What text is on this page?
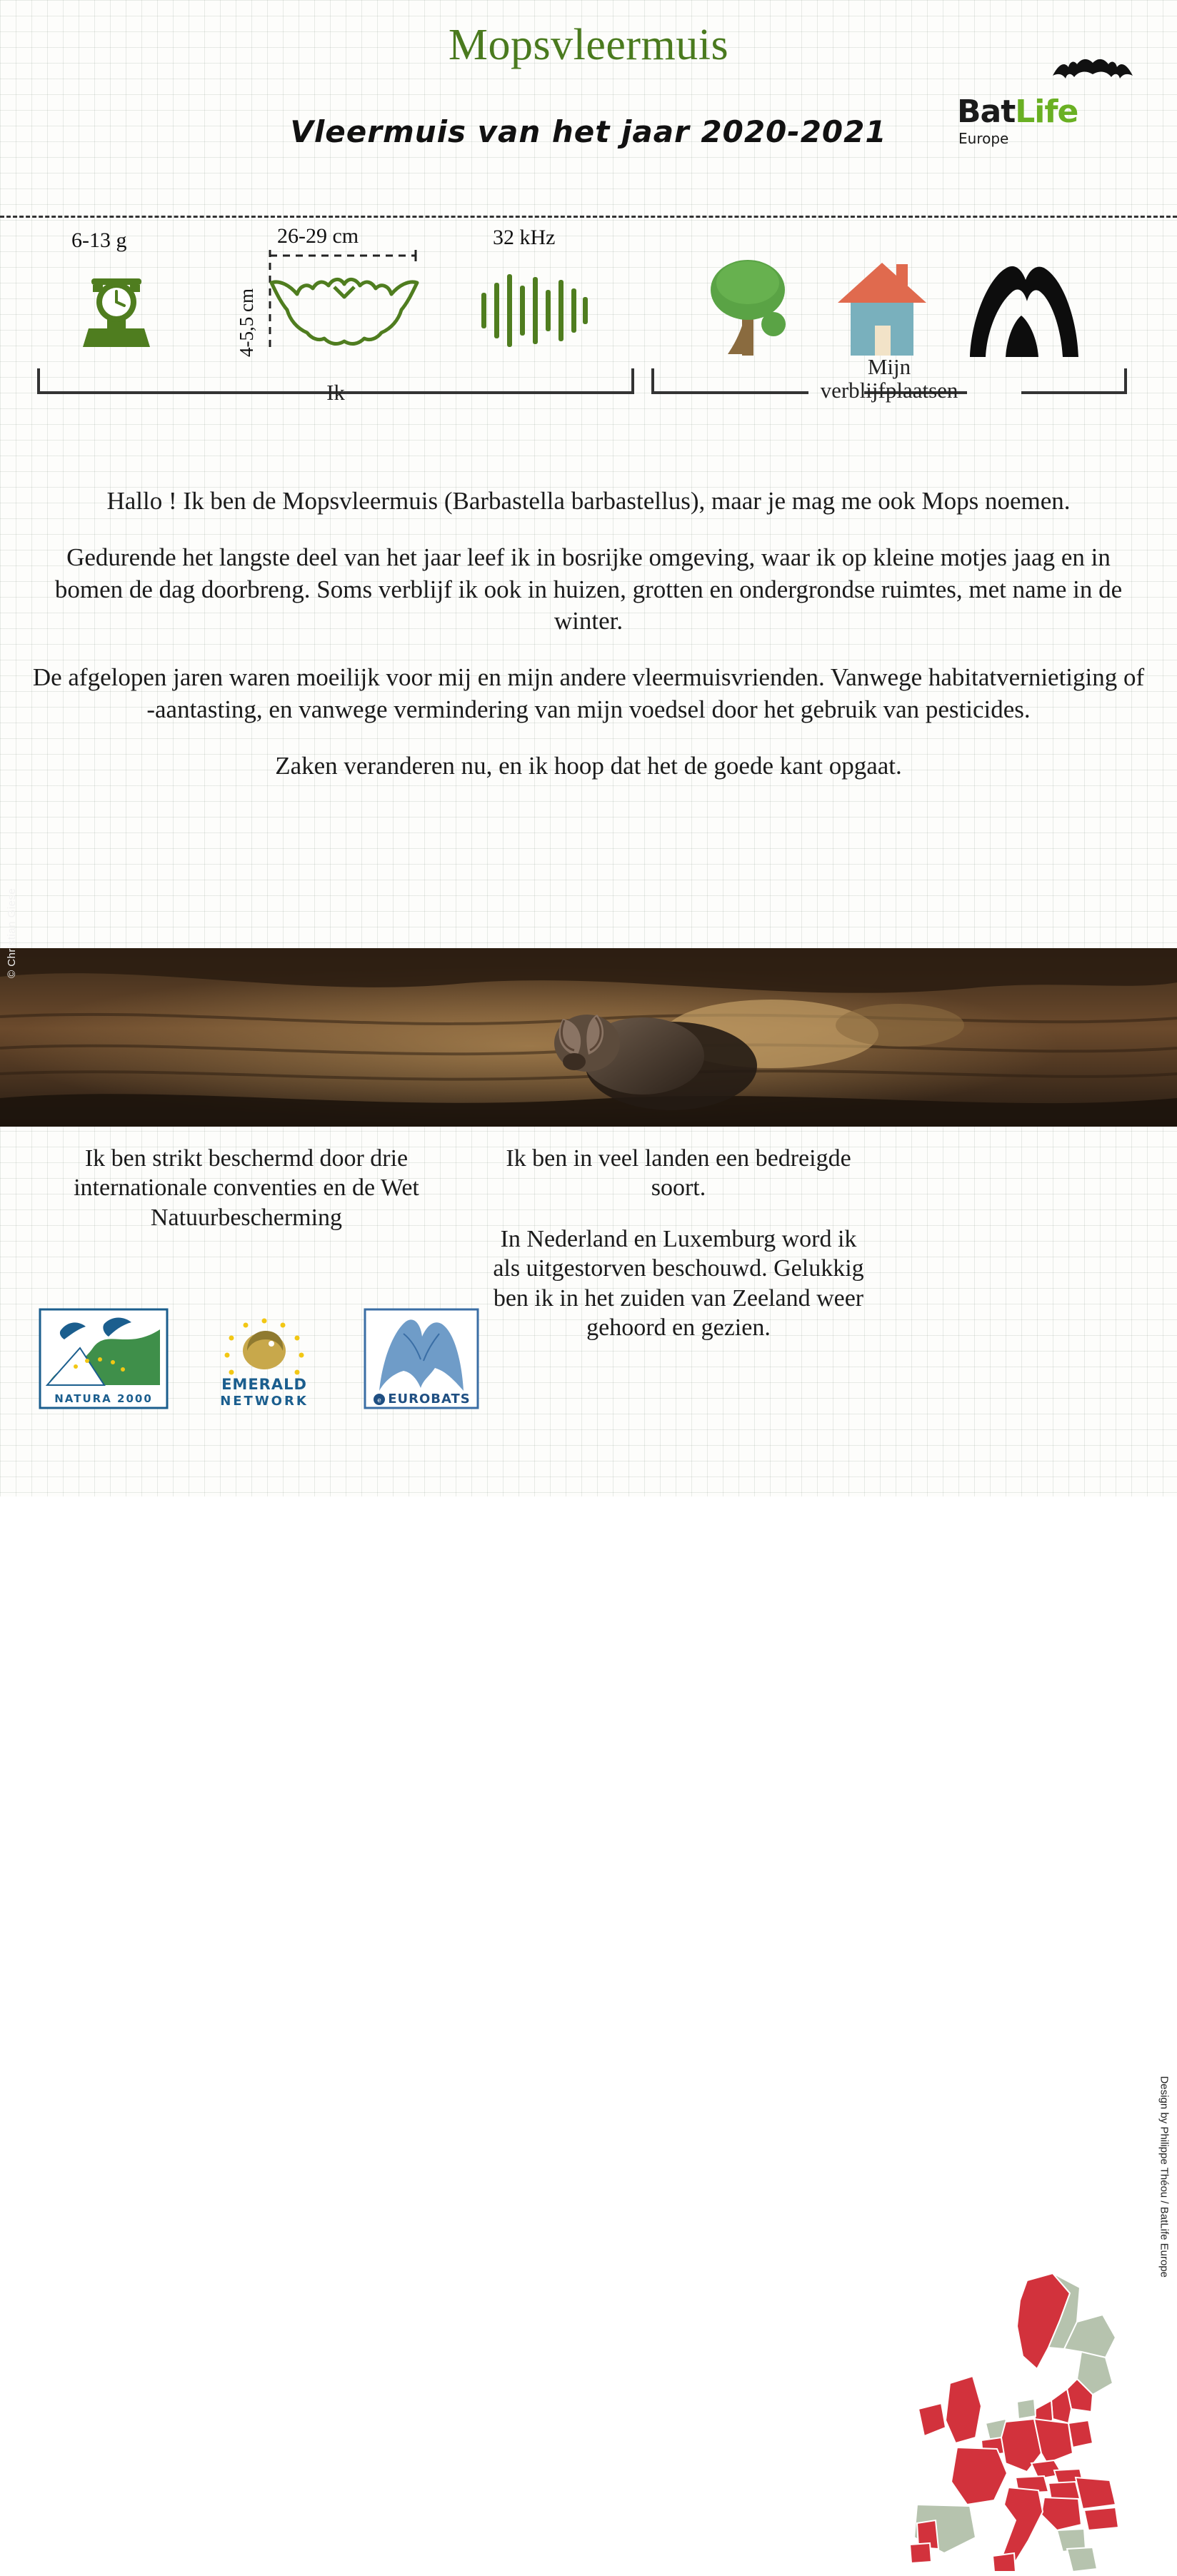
Mopsvleermuis
Vleermuis van het jaar 2020-2021
BatLife
Europe
6-13 g	26-29 cm
4-5,5 cm
32 kHz
Ik
Mijn
verblijfplaatsen

Hallo ! Ik ben de Mopsvleermuis (Barbastella barbastellus), maar je mag me ook Mops noemen.

Gedurende het langste deel van het jaar leef ik in bosrijke omgeving, waar ik op kleine motjes jaag en in bomen de dag doorbreng. Soms verblijf ik ook in huizen, grotten en ondergrondse ruimtes, met name in de winter.

De afgelopen jaren waren moeilijk voor mij en mijn andere vleermuisvrienden. Vanwege habitatvernietiging of -aantasting, en vanwege vermindering van mijn voedsel door het gebruik van pesticides.

Zaken veranderen nu, en ik hoop dat het de goede kant opgaat.

© Christian Giese
Ik ben strikt beschermd door drie internationale conventies en de Wet Natuurbescherming

Ik ben in veel landen een bedreigde soort.

In Nederland en Luxemburg word ik als uitgestorven beschouwd. Gelukkig ben ik in het zuiden van Zeeland weer gehoord en gezien.

NATURA 2000
EMERALD
NETWORK	e EUROBATS
Design by Philippe Théou / BatLife Europe
